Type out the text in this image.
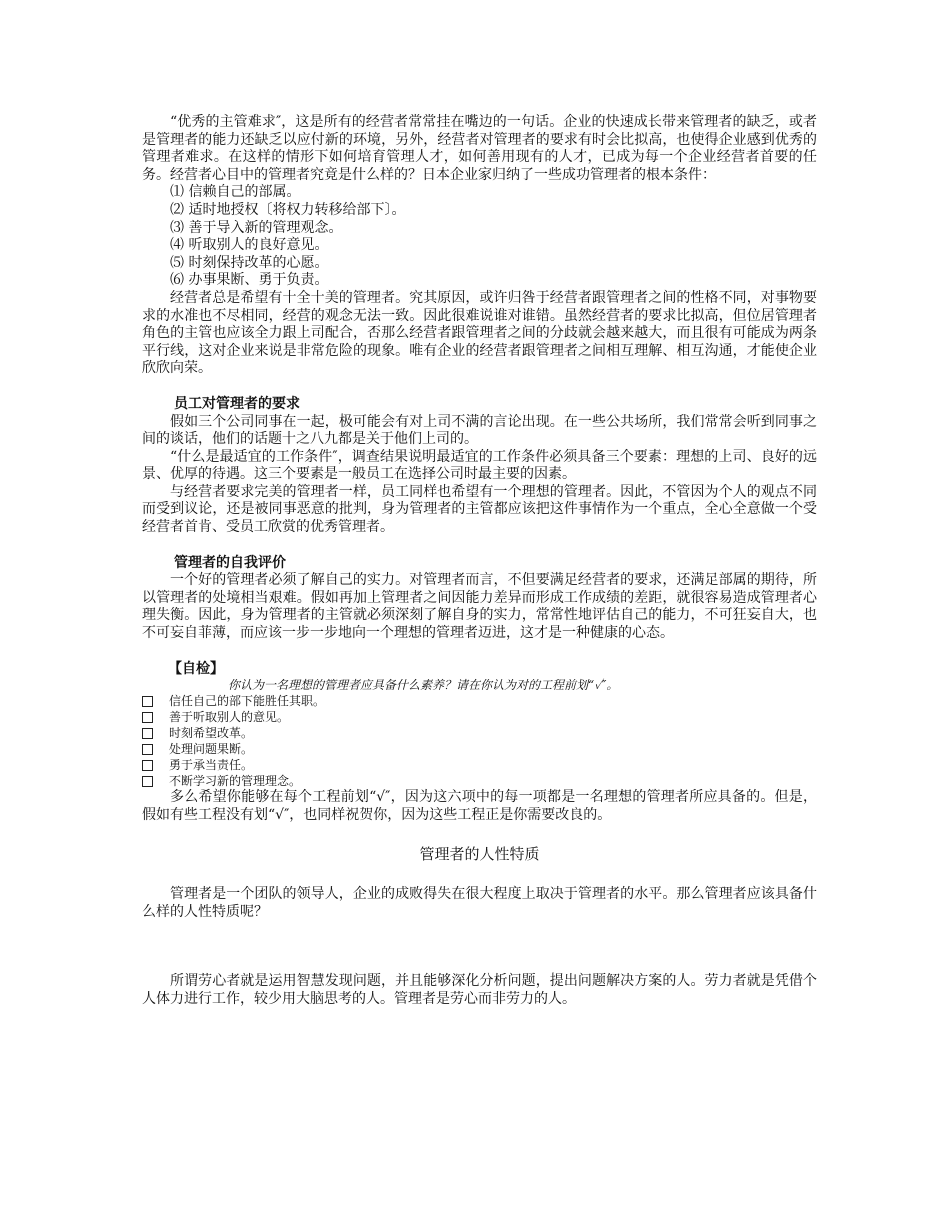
“优秀的主管难求″，这是所有的经营者常常挂在嘴边的一句话。企业的快速成长带来管理者的缺乏，或者是管理者的能力还缺乏以应付新的环境，另外，经营者对管理者的要求有时会比拟高，也使得企业感到优秀的管理者难求。在这样的情形下如何培育管理人才，如何善用现有的人才，已成为每一个企业经营者首要的任务。经营者心目中的管理者究竟是什么样的？日本企业家归纳了一些成功管理者的根本条件：

⑴ 信赖自己的部属。

⑵ 适时地授权〔将权力转移给部下〕。

⑶ 善于导入新的管理观念。

⑷ 听取别人的良好意见。

⑸ 时刻保持改革的心愿。

⑹ 办事果断、勇于负责。

经营者总是希望有十全十美的管理者。究其原因，或许归咎于经营者跟管理者之间的性格不同，对事物要求的水准也不尽相同，经营的观念无法一致。因此很难说谁对谁错。虽然经营者的要求比拟高，但位居管理者角色的主管也应该全力跟上司配合，否那么经营者跟管理者之间的分歧就会越来越大，而且很有可能成为两条平行线，这对企业来说是非常危险的现象。唯有企业的经营者跟管理者之间相互理解、相互沟通，才能使企业欣欣向荣。

员工对管理者的要求

假如三个公司同事在一起，极可能会有对上司不满的言论出现。在一些公共场所，我们常常会听到同事之间的谈话，他们的话题十之八九都是关于他们上司的。

“什么是最适宜的工作条件″，调查结果说明最适宜的工作条件必须具备三个要素：理想的上司、良好的远景、优厚的待遇。这三个要素是一般员工在选择公司时最主要的因素。

与经营者要求完美的管理者一样，员工同样也希望有一个理想的管理者。因此，不管因为个人的观点不同而受到议论，还是被同事恶意的批判，身为管理者的主管都应该把这件事情作为一个重点，全心全意做一个受经营者首肯、受员工欣赏的优秀管理者。

管理者的自我评价

一个好的管理者必须了解自己的实力。对管理者而言，不但要满足经营者的要求，还满足部属的期待，所以管理者的处境相当艰难。假如再加上管理者之间因能力差异而形成工作成绩的差距，就很容易造成管理者心理失衡。因此，身为管理者的主管就必须深刻了解自身的实力，常常性地评估自己的能力，不可狂妄自大，也不可妄自菲薄，而应该一步一步地向一个理想的管理者迈进，这才是一种健康的心态。

【自检】

你认为一名理想的管理者应具备什么素养？请在你认为对的工程前划“✓″。

信任自己的部下能胜任其职。
善于听取别人的意见。
时刻希望改革。
处理问题果断。
勇于承当责任。
不断学习新的管理理念。

多么希望你能够在每个工程前划“√″，因为这六项中的每一项都是一名理想的管理者所应具备的。但是，假如有些工程没有划“√″，也同样祝贺你，因为这些工程正是你需要改良的。

管理者的人性特质

管理者是一个团队的领导人，企业的成败得失在很大程度上取决于管理者的水平。那么管理者应该具备什么样的人性特质呢？

所谓劳心者就是运用智慧发现问题，并且能够深化分析问题，提出问题解决方案的人。劳力者就是凭借个人体力进行工作，较少用大脑思考的人。管理者是劳心而非劳力的人。
